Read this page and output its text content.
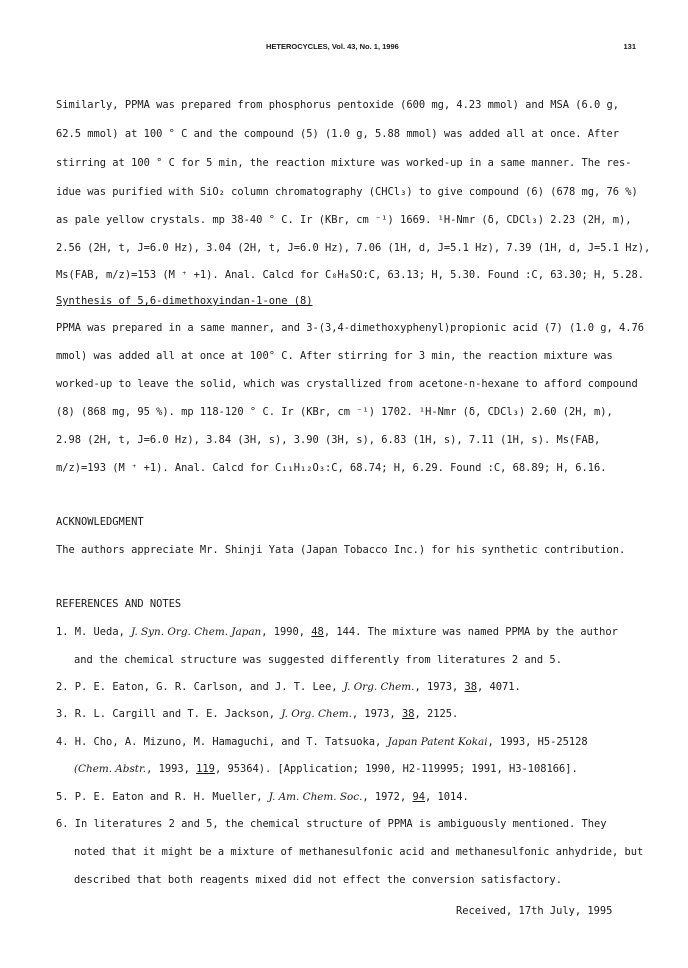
HETEROCYCLES, Vol. 43, No. 1, 1996	131
Similarly, PPMA was prepared from phosphorus pentoxide (600 mg, 4.23 mmol) and MSA (6.0 g,
62.5 mmol) at 100 ° C and the compound (5) (1.0 g, 5.88 mmol) was added all at once. After
stirring at 100 ° C for 5 min, the reaction mixture was worked-up in a same manner. The res-
idue was purified with SiO₂ column chromatography (CHCl₃) to give compound (6) (678 mg, 76 %)
as pale yellow crystals. mp 38-40 ° C. Ir (KBr, cm ⁻¹) 1669. ¹H-Nmr (δ, CDCl₃) 2.23 (2H, m),
2.56 (2H, t, J=6.0 Hz), 3.04 (2H, t, J=6.0 Hz), 7.06 (1H, d, J=5.1 Hz), 7.39 (1H, d, J=5.1 Hz),
Ms(FAB, m/z)=153 (M ⁺ +1). Anal. Calcd for C₈H₈SO:C, 63.13; H, 5.30. Found :C, 63.30; H, 5.28.
Synthesis of 5,6-dimethoxyindan-1-one (8)
PPMA was prepared in a same manner, and 3-(3,4-dimethoxyphenyl)propionic acid (7) (1.0 g, 4.76
mmol) was added all at once at 100° C. After stirring for 3 min, the reaction mixture was
worked-up to leave the solid, which was crystallized from acetone-n-hexane to afford compound
(8) (868 mg, 95 %). mp 118-120 ° C. Ir (KBr, cm ⁻¹) 1702. ¹H-Nmr (δ, CDCl₃) 2.60 (2H, m),
2.98 (2H, t, J=6.0 Hz), 3.84 (3H, s), 3.90 (3H, s), 6.83 (1H, s), 7.11 (1H, s). Ms(FAB,
m/z)=193 (M ⁺ +1). Anal. Calcd for C₁₁H₁₂O₃:C, 68.74; H, 6.29. Found :C, 68.89; H, 6.16.
ACKNOWLEDGMENT
The authors appreciate Mr. Shinji Yata (Japan Tobacco Inc.) for his synthetic contribution.
REFERENCES AND NOTES
1. M. Ueda, J. Syn. Org. Chem. Japan, 1990, 48, 144. The mixture was named PPMA by the author
and the chemical structure was suggested differently from literatures 2 and 5.
2. P. E. Eaton, G. R. Carlson, and J. T. Lee, J. Org. Chem., 1973, 38, 4071.
3. R. L. Cargill and T. E. Jackson, J. Org. Chem., 1973, 38, 2125.
4. H. Cho, A. Mizuno, M. Hamaguchi, and T. Tatsuoka, Japan Patent Kokai, 1993, H5-25128
(Chem. Abstr., 1993, 119, 95364). [Application; 1990, H2-119995; 1991, H3-108166].
5. P. E. Eaton and R. H. Mueller, J. Am. Chem. Soc., 1972, 94, 1014.
6. In literatures 2 and 5, the chemical structure of PPMA is ambiguously mentioned. They
noted that it might be a mixture of methanesulfonic acid and methanesulfonic anhydride, but
described that both reagents mixed did not effect the conversion satisfactory.
Received, 17th July, 1995
